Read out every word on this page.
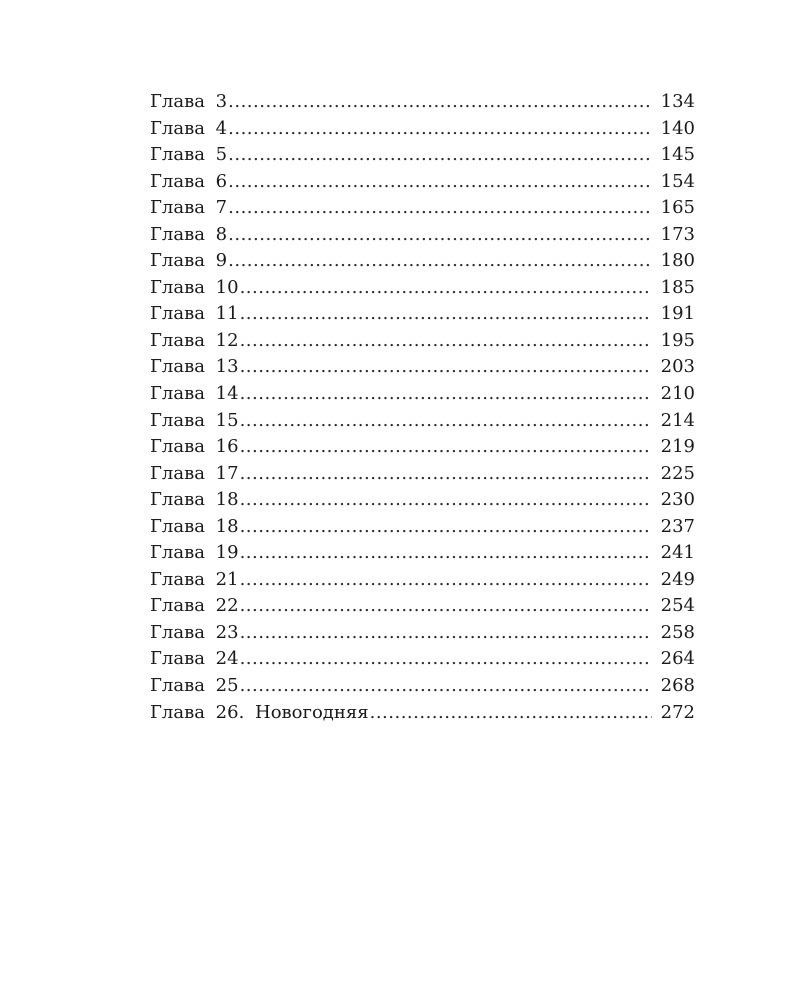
Глава 3 .....	134
Глава 4 .....	140
Глава 5 .....	145
Глава 6 .....	154
Глава 7 .....	165
Глава 8 .....	173
Глава 9 .....	180
Глава 10 .....	185
Глава 11 .....	191
Глава 12 .....	195
Глава 13 .....	203
Глава 14 .....	210
Глава 15 .....	214
Глава 16 .....	219
Глава 17 .....	225
Глава 18 .....	230
Глава 18 .....	237
Глава 19 .....	241
Глава 21 .....	249
Глава 22 .....	254
Глава 23 .....	258
Глава 24 .....	264
Глава 25 .....	268
Глава 26. Новогодняя .....	272
